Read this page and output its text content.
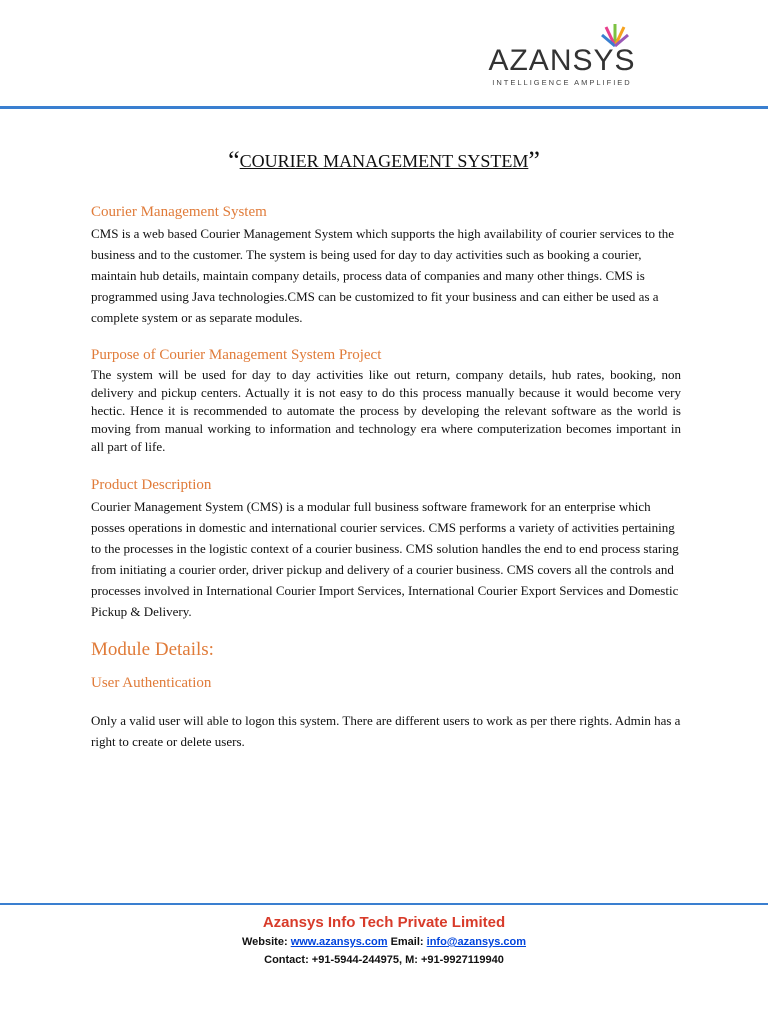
AZANSYS
INTELLIGENCE AMPLIFIED
“COURIER MANAGEMENT SYSTEM”
Courier Management System

CMS is a web based Courier Management System which supports the high availability of courier services to the business and to the customer. The system is being used for day to day activities such as booking a courier, maintain hub details, maintain company details, process data of companies and many other things. CMS is programmed using Java technologies.CMS can be customized to fit your business and can either be used as a complete system or as separate modules.

Purpose of Courier Management System Project

The system will be used for day to day activities like out return, company details, hub rates, booking, non delivery and pickup centers. Actually it is not easy to do this process manually because it would become very hectic. Hence it is recommended to automate the process by developing the relevant software as the world is moving from manual working to information and technology era where computerization becomes important in all part of life.

Product Description

Courier Management System (CMS) is a modular full business software framework for an enterprise which posses operations in domestic and international courier services. CMS performs a variety of activities pertaining to the processes in the logistic context of a courier business. CMS solution handles the end to end process staring from initiating a courier order, driver pickup and delivery of a courier business. CMS covers all the controls and processes involved in International Courier Import Services, International Courier Export Services and Domestic Pickup & Delivery.

Module Details:
User Authentication

Only a valid user will able to logon this system. There are different users to work as per there rights. Admin has a right to create or delete users.

Azansys Info Tech Private Limited
Website: www.azansys.com Email: info@azansys.com
Contact: +91-5944-244975, M: +91-9927119940
